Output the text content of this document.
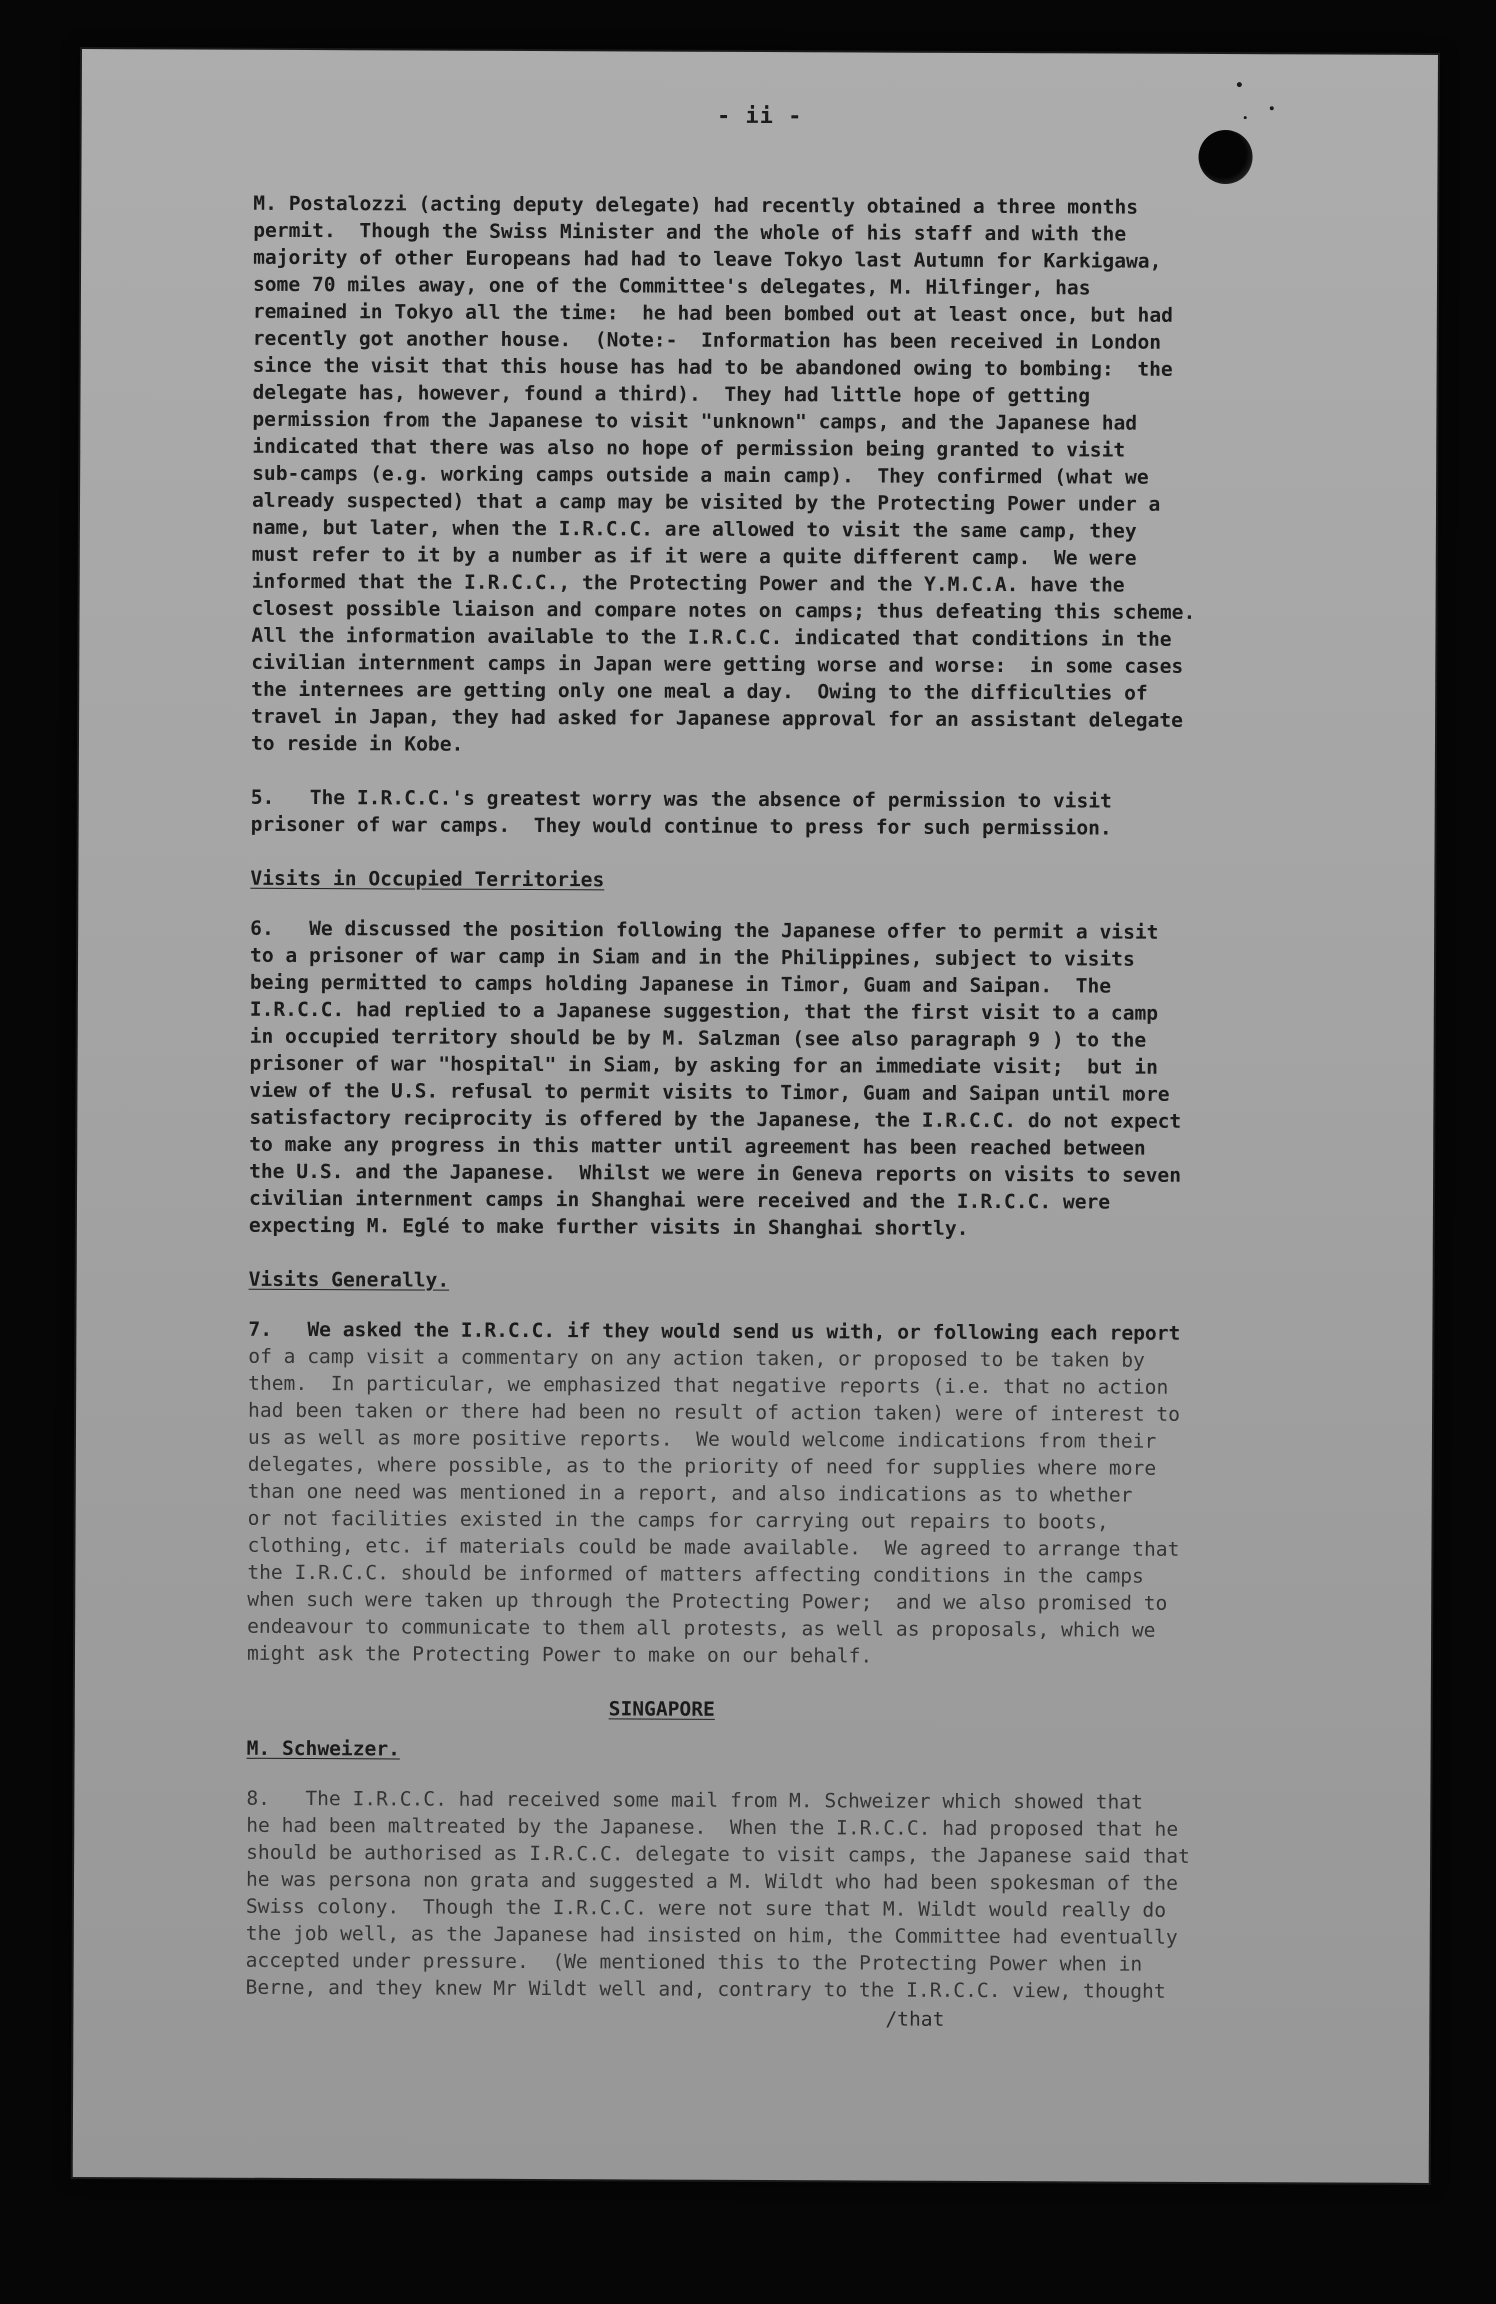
- ii -
M. Postalozzi (acting deputy delegate) had recently obtained a three months
permit.  Though the Swiss Minister and the whole of his staff and with the
majority of other Europeans had had to leave Tokyo last Autumn for Karkigawa,
some 70 miles away, one of the Committee's delegates, M. Hilfinger, has
remained in Tokyo all the time:  he had been bombed out at least once, but had
recently got another house.  (Note:-  Information has been received in London
since the visit that this house has had to be abandoned owing to bombing:  the
delegate has, however, found a third).  They had little hope of getting
permission from the Japanese to visit "unknown" camps, and the Japanese had
indicated that there was also no hope of permission being granted to visit
sub-camps (e.g. working camps outside a main camp).  They confirmed (what we
already suspected) that a camp may be visited by the Protecting Power under a
name, but later, when the I.R.C.C. are allowed to visit the same camp, they
must refer to it by a number as if it were a quite different camp.  We were
informed that the I.R.C.C., the Protecting Power and the Y.M.C.A. have the
closest possible liaison and compare notes on camps; thus defeating this scheme.
All the information available to the I.R.C.C. indicated that conditions in the
civilian internment camps in Japan were getting worse and worse:  in some cases
the internees are getting only one meal a day.  Owing to the difficulties of
travel in Japan, they had asked for Japanese approval for an assistant delegate
to reside in Kobe.
5.   The I.R.C.C.'s greatest worry was the absence of permission to visit
prisoner of war camps.  They would continue to press for such permission.
Visits in Occupied Territories
6.   We discussed the position following the Japanese offer to permit a visit
to a prisoner of war camp in Siam and in the Philippines, subject to visits
being permitted to camps holding Japanese in Timor, Guam and Saipan.  The
I.R.C.C. had replied to a Japanese suggestion, that the first visit to a camp
in occupied territory should be by M. Salzman (see also paragraph 9 ) to the
prisoner of war "hospital" in Siam, by asking for an immediate visit;  but in
view of the U.S. refusal to permit visits to Timor, Guam and Saipan until more
satisfactory reciprocity is offered by the Japanese, the I.R.C.C. do not expect
to make any progress in this matter until agreement has been reached between
the U.S. and the Japanese.  Whilst we were in Geneva reports on visits to seven
civilian internment camps in Shanghai were received and the I.R.C.C. were
expecting M. Eglé to make further visits in Shanghai shortly.
Visits Generally.
7.   We asked the I.R.C.C. if they would send us with, or following each report
of a camp visit a commentary on any action taken, or proposed to be taken by
them.  In particular, we emphasized that negative reports (i.e. that no action
had been taken or there had been no result of action taken) were of interest to
us as well as more positive reports.  We would welcome indications from their
delegates, where possible, as to the priority of need for supplies where more
than one need was mentioned in a report, and also indications as to whether
or not facilities existed in the camps for carrying out repairs to boots,
clothing, etc. if materials could be made available.  We agreed to arrange that
the I.R.C.C. should be informed of matters affecting conditions in the camps
when such were taken up through the Protecting Power;  and we also promised to
endeavour to communicate to them all protests, as well as proposals, which we
might ask the Protecting Power to make on our behalf.
SINGAPORE
M. Schweizer.
8.   The I.R.C.C. had received some mail from M. Schweizer which showed that
he had been maltreated by the Japanese.  When the I.R.C.C. had proposed that he
should be authorised as I.R.C.C. delegate to visit camps, the Japanese said that
he was persona non grata and suggested a M. Wildt who had been spokesman of the
Swiss colony.  Though the I.R.C.C. were not sure that M. Wildt would really do
the job well, as the Japanese had insisted on him, the Committee had eventually
accepted under pressure.  (We mentioned this to the Protecting Power when in
Berne, and they knew Mr Wildt well and, contrary to the I.R.C.C. view, thought
/that
